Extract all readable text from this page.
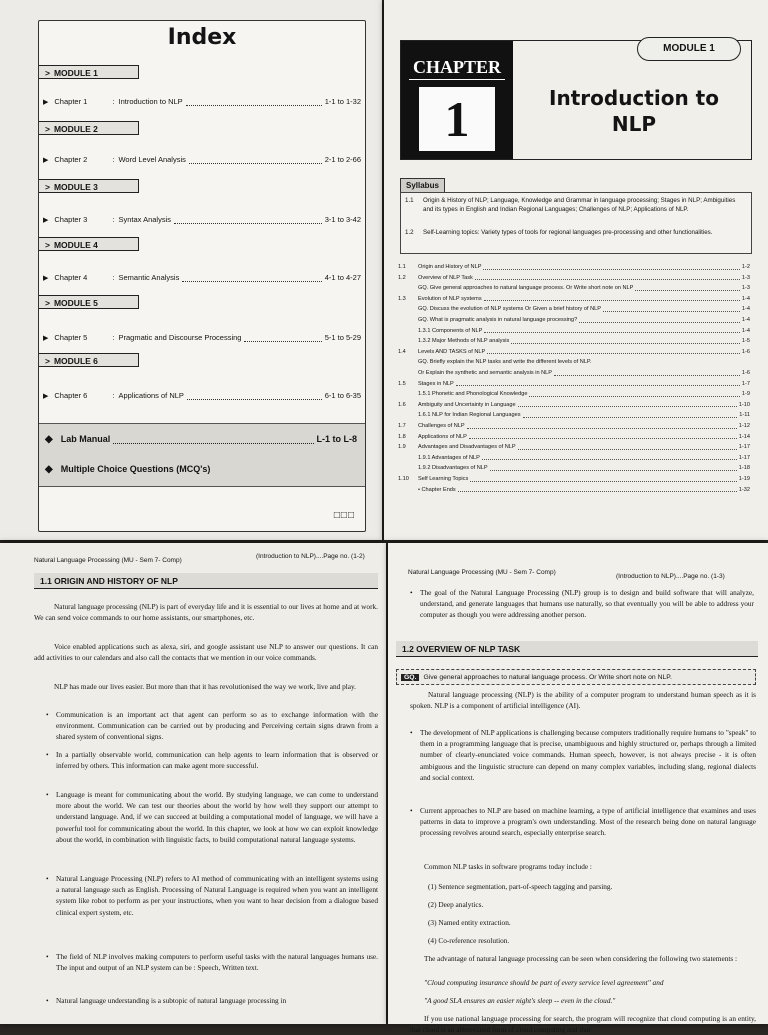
Index
> MODULE 1
▶ Chapter 1	: Introduction to NLP	1-1 to 1-32
> MODULE 2
▶ Chapter 2	: Word Level Analysis	2-1 to 2-66
> MODULE 3
▶ Chapter 3	: Syntax Analysis	3-1 to 3-42
> MODULE 4
▶ Chapter 4	: Semantic Analysis	4-1 to 4-27
> MODULE 5
▶ Chapter 5	: Pragmatic and Discourse Processing	5-1 to 5-29
> MODULE 6
▶ Chapter 6	: Applications of NLP	6-1 to 6-35
◆ Lab Manual	L-1 to L-8
◆ Multiple Choice Questions (MCQ's)
□□□
CHAPTER
1
MODULE 1
Introduction to
NLP
Syllabus
1.1	Origin & History of NLP; Language, Knowledge and Grammar in language processing; Stages in NLP; Ambiguities and its types in English and Indian Regional Languages; Challenges of NLP; Applications of NLP.
1.2	Self-Learning topics: Variety types of tools for regional languages pre-processing and other functionalities.
1.1	Origin and History of NLP	1-2
1.2	Overview of NLP Task	1-3
GQ. Give general approaches to natural language process. Or Write short note on NLP	1-3
1.3	Evolution of NLP systems	1-4
GQ. Discuss the evolution of NLP systems Or Given a brief history of NLP	1-4
GQ. What is pragmatic analysis in natural language processing?	1-4
1.3.1 Components of NLP	1-4
1.3.2 Major Methods of NLP analysis	1-5
1.4	Levels AND TASKS of NLP	1-6
GQ. Briefly explain the NLP tasks and write the different levels of NLP.
Or Explain the synthetic and semantic analysis in NLP	1-6
1.5	Stages in NLP	1-7
1.5.1 Phonetic and Phonological Knowledge	1-9
1.6	Ambiguity and Uncertainty in Language	1-10
1.6.1 NLP for Indian Regional Languages	1-11
1.7	Challenges of NLP	1-12
1.8	Applications of NLP	1-14
1.9	Advantages and Disadvantages of NLP	1-17
1.9.1 Advantages of NLP	1-17
1.9.2 Disadvantages of NLP	1-18
1.10	Self Learning Topics	1-19
• Chapter Ends	1-32
Natural Language Processing (MU - Sem 7- Comp)
(Introduction to NLP)....Page no. (1-2)
1.1 ORIGIN AND HISTORY OF NLP
Natural language processing (NLP) is part of everyday life and it is essential to our lives at home and at work. We can send voice commands to our home assistants, our smartphones, etc.
Voice enabled applications such as alexa, siri, and google assistant use NLP to answer our questions. It can add activities to our calendars and also call the contacts that we mention in our voice commands.
NLP has made our lives easier. But more than that it has revolutionised the way we work, live and play.
• Communication is an important act that agent can perform so as to exchange information with the environment. Communication can be carried out by producing and Perceiving certain signs drawn from a shared system of conventional signs.
• In a partially observable world, communication can help agents to learn information that is observed or inferred by others. This information can make agent more successful.
• Language is meant for communicating about the world. By studying language, we can come to understand more about the world. We can test our theories about the world by how well they support our attempt to understand language. And, if we can succeed at building a computational model of language, we will have a powerful tool for communicating about the world. In this chapter, we look at how we can exploit knowledge about the world, in combination with linguistic facts, to build computational natural language systems.
• Natural Language Processing (NLP) refers to AI method of communicating with an intelligent systems using a natural language such as English. Processing of Natural Language is required when you want an intelligent system like robot to perform as per your instructions, when you want to hear decision from a dialogue based clinical expert system, etc.
• The field of NLP involves making computers to perform useful tasks with the natural languages humans use. The input and output of an NLP system can be : Speech, Written text.
• Natural language understanding is a subtopic of natural language processing in
Natural Language Processing (MU - Sem 7- Comp)
(Introduction to NLP)....Page no. (1-3)
• The goal of the Natural Language Processing (NLP) group is to design and build software that will analyze, understand, and generate languages that humans use naturally, so that eventually you will be able to address your computer as though you were addressing another person.
1.2 OVERVIEW OF NLP TASK
GQ. Give general approaches to natural language process. Or Write short note on NLP.
Natural language processing (NLP) is the ability of a computer program to understand human speech as it is spoken. NLP is a component of artificial intelligence (AI).
• The development of NLP applications is challenging because computers traditionally require humans to "speak" to them in a programming language that is precise, unambiguous and highly structured or, perhaps through a limited number of clearly-enunciated voice commands. Human speech, however, is not always precise - it is often ambiguous and the linguistic structure can depend on many complex variables, including slang, regional dialects and social context.
• Current approaches to NLP are based on machine learning, a type of artificial intelligence that examines and uses patterns in data to improve a program's own understanding. Most of the research being done on natural language processing revolves around search, especially enterprise search.
Common NLP tasks in software programs today include :
(1) Sentence segmentation, part-of-speech tagging and parsing.
(2) Deep analytics.
(3) Named entity extraction.
(4) Co-reference resolution.
The advantage of natural language processing can be seen when considering the following two statements :
"Cloud computing insurance should be part of every service level agreement" and
"A good SLA ensures an easier night's sleep -- even in the cloud."
If you use national language processing for search, the program will recognize that cloud computing is an entity, that cloud is an abbreviated form of cloud computing and that
